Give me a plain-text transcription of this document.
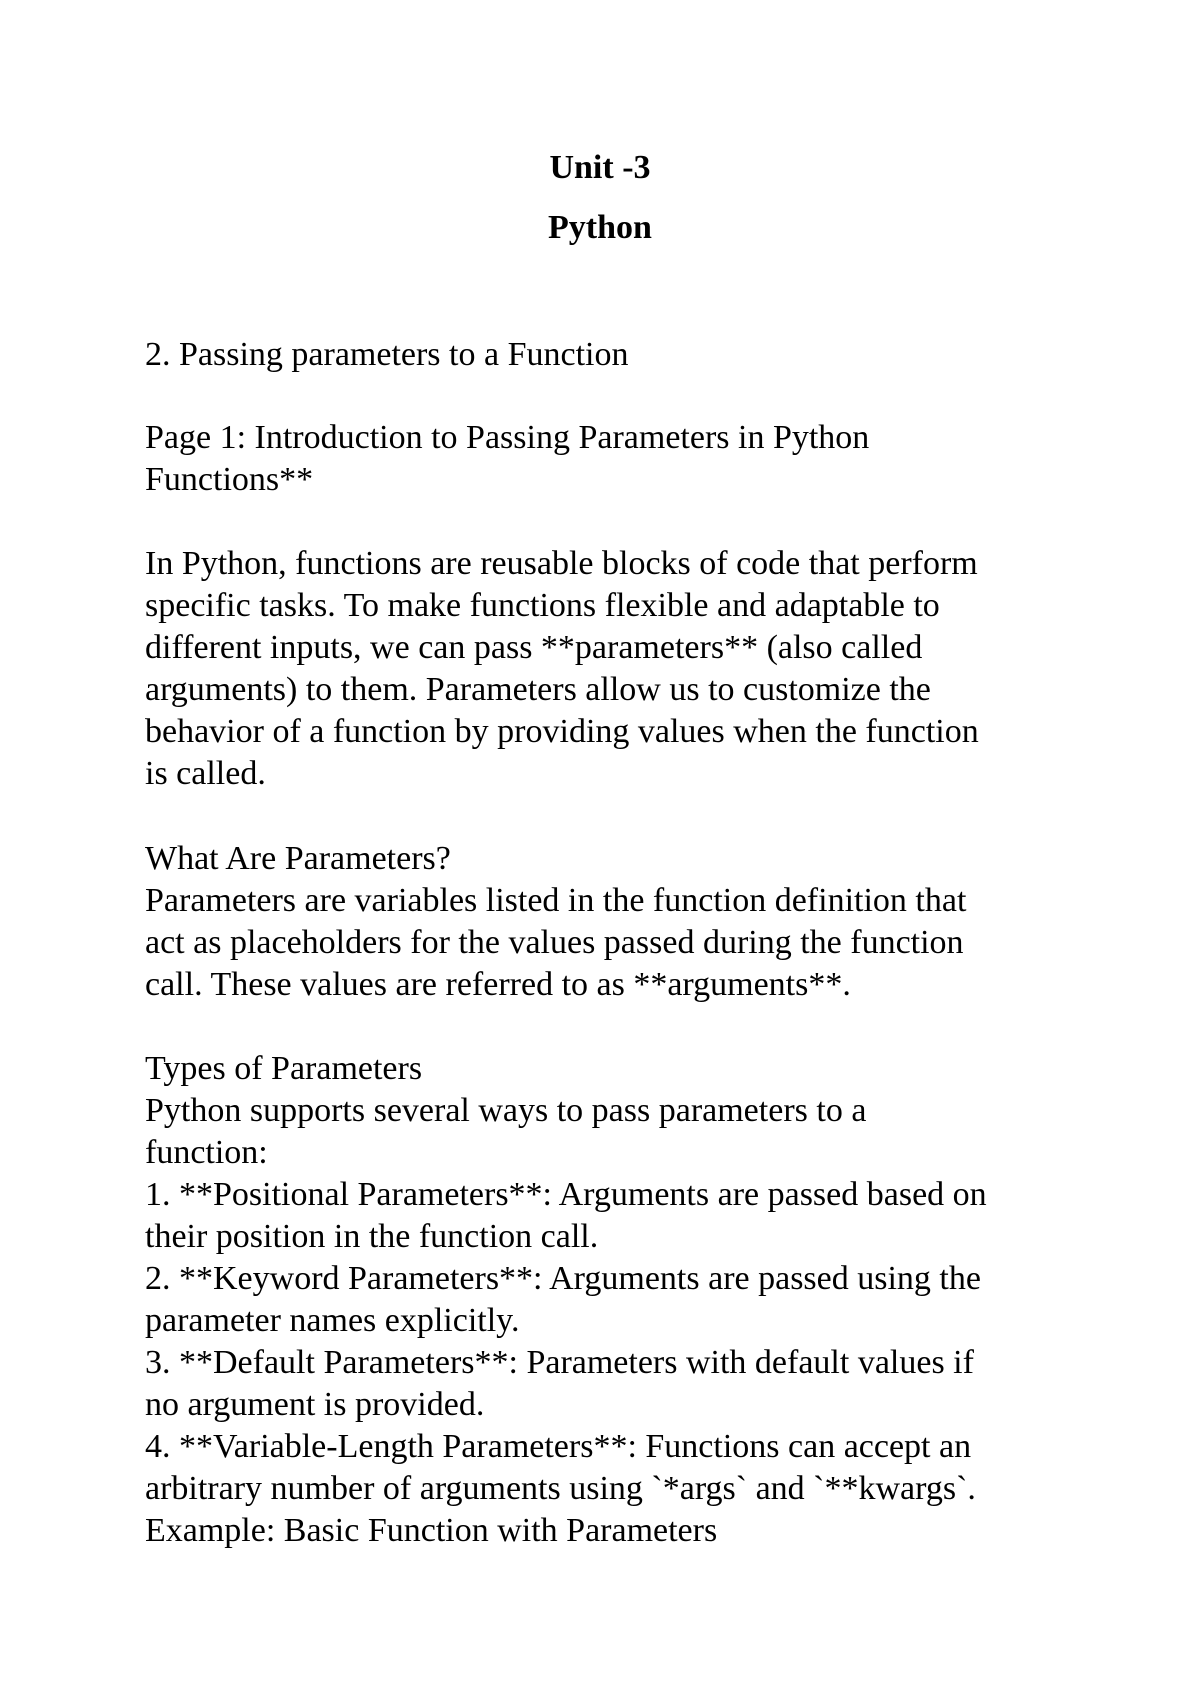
Unit -3
Python

2. Passing parameters to a Function

Page 1: Introduction to Passing Parameters in Python
Functions**

In Python, functions are reusable blocks of code that perform
specific tasks. To make functions flexible and adaptable to
different inputs, we can pass **parameters** (also called
arguments) to them. Parameters allow us to customize the
behavior of a function by providing values when the function
is called.

What Are Parameters?
Parameters are variables listed in the function definition that
act as placeholders for the values passed during the function
call. These values are referred to as **arguments**.

Types of Parameters
Python supports several ways to pass parameters to a
function:
1. **Positional Parameters**: Arguments are passed based on
their position in the function call.
2. **Keyword Parameters**: Arguments are passed using the
parameter names explicitly.
3. **Default Parameters**: Parameters with default values if
no argument is provided.
4. **Variable-Length Parameters**: Functions can accept an
arbitrary number of arguments using `*args` and `**kwargs`.
Example: Basic Function with Parameters
